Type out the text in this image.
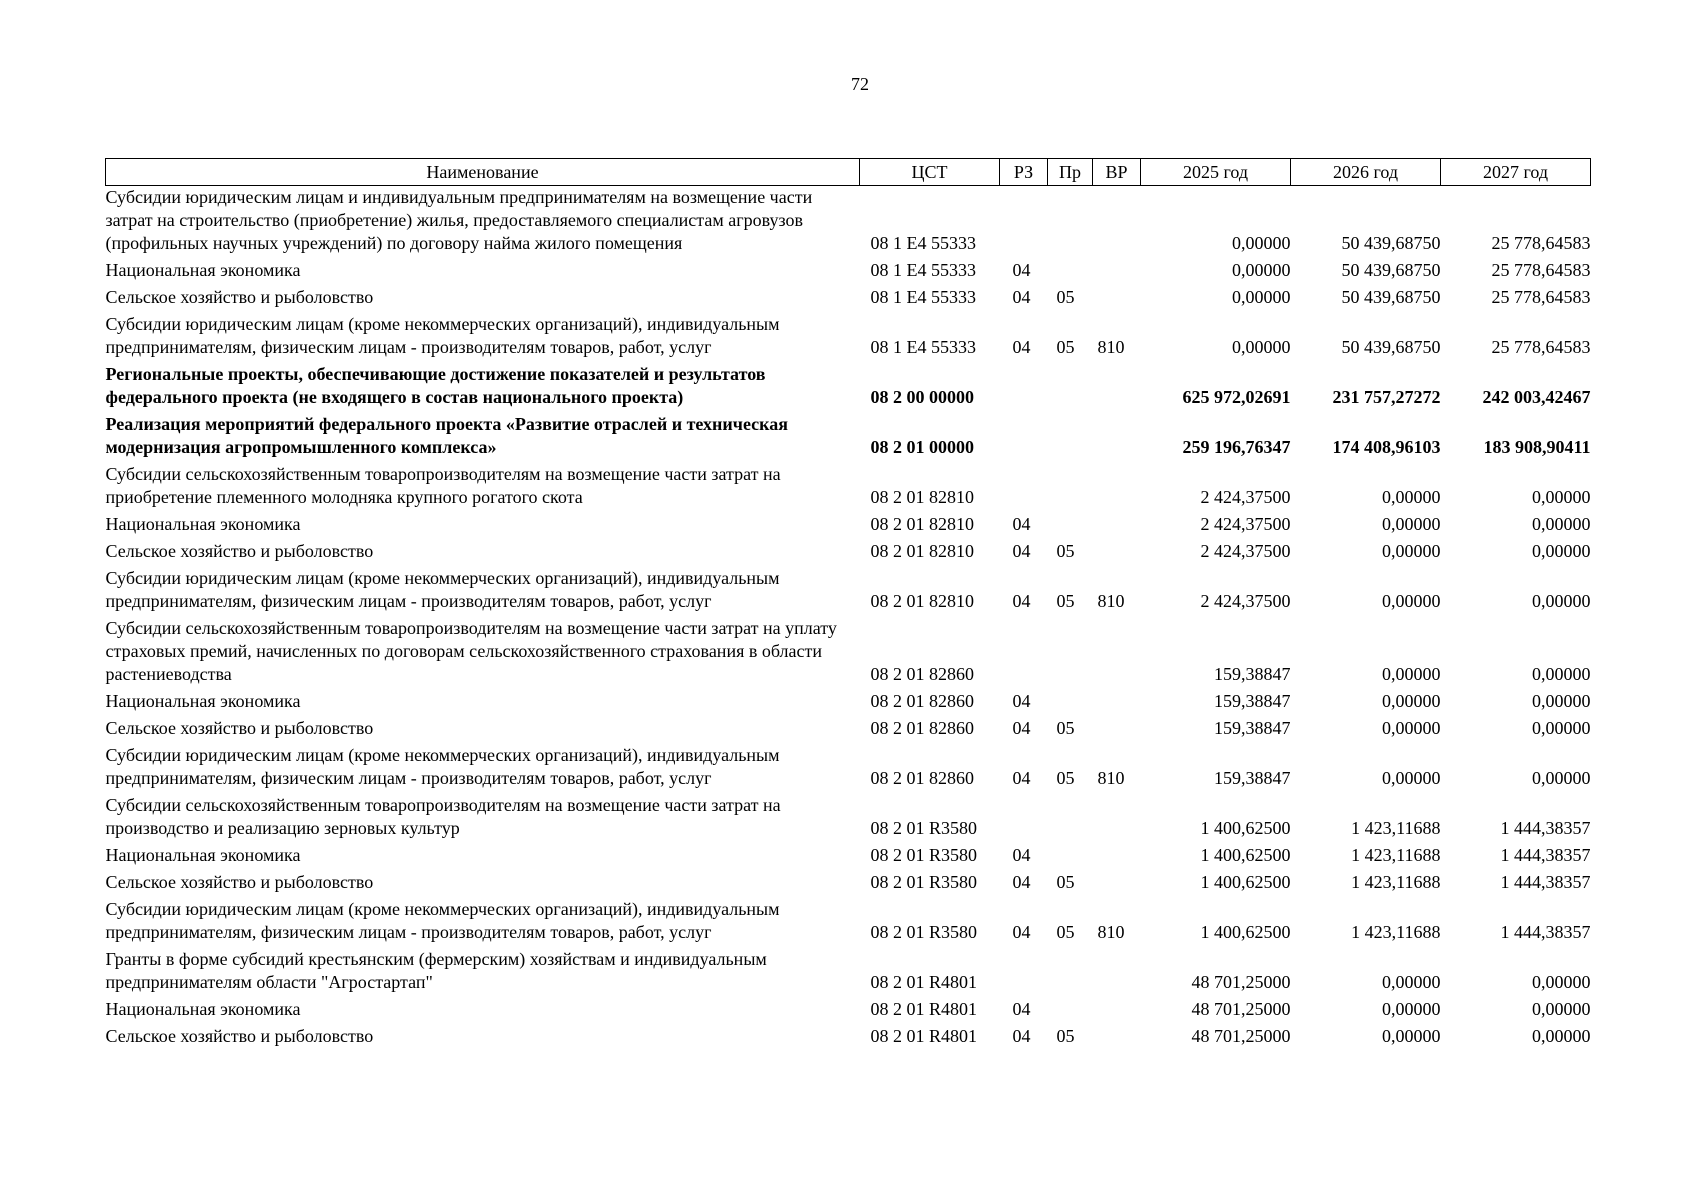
72
Наименование	ЦСТ	РЗ	Пр	ВР	2025 год	2026 год	2027 год
Субсидии юридическим лицам и индивидуальным предпринимателям на возмещение части затрат на строительство (приобретение) жилья, предоставляемого специалистам агровузов (профильных научных учреждений) по договору найма жилого помещения	08 1 Е4 55333				0,00000	50 439,68750	25 778,64583
Национальная экономика	08 1 Е4 55333	04			0,00000	50 439,68750	25 778,64583
Сельское хозяйство и рыболовство	08 1 Е4 55333	04	05		0,00000	50 439,68750	25 778,64583
Субсидии юридическим лицам (кроме некоммерческих организаций), индивидуальным предпринимателям, физическим лицам - производителям товаров, работ, услуг	08 1 Е4 55333	04	05	810	0,00000	50 439,68750	25 778,64583
Региональные проекты, обеспечивающие достижение показателей и результатов федерального проекта (не входящего в состав национального проекта)	08 2 00 00000				625 972,02691	231 757,27272	242 003,42467
Реализация мероприятий федерального проекта «Развитие отраслей и техническая модернизация агропромышленного комплекса»	08 2 01 00000				259 196,76347	174 408,96103	183 908,90411
Субсидии сельскохозяйственным товаропроизводителям на возмещение части затрат на приобретение племенного молодняка крупного рогатого скота	08 2 01 82810				2 424,37500	0,00000	0,00000
Национальная экономика	08 2 01 82810	04			2 424,37500	0,00000	0,00000
Сельское хозяйство и рыболовство	08 2 01 82810	04	05		2 424,37500	0,00000	0,00000
Субсидии юридическим лицам (кроме некоммерческих организаций), индивидуальным предпринимателям, физическим лицам - производителям товаров, работ, услуг	08 2 01 82810	04	05	810	2 424,37500	0,00000	0,00000
Субсидии сельскохозяйственным товаропроизводителям на возмещение части затрат на уплату страховых премий, начисленных по договорам сельскохозяйственного страхования в области растениеводства	08 2 01 82860				159,38847	0,00000	0,00000
Национальная экономика	08 2 01 82860	04			159,38847	0,00000	0,00000
Сельское хозяйство и рыболовство	08 2 01 82860	04	05		159,38847	0,00000	0,00000
Субсидии юридическим лицам (кроме некоммерческих организаций), индивидуальным предпринимателям, физическим лицам - производителям товаров, работ, услуг	08 2 01 82860	04	05	810	159,38847	0,00000	0,00000
Субсидии сельскохозяйственным товаропроизводителям на возмещение части затрат на производство и реализацию зерновых культур	08 2 01 R3580				1 400,62500	1 423,11688	1 444,38357
Национальная экономика	08 2 01 R3580	04			1 400,62500	1 423,11688	1 444,38357
Сельское хозяйство и рыболовство	08 2 01 R3580	04	05		1 400,62500	1 423,11688	1 444,38357
Субсидии юридическим лицам (кроме некоммерческих организаций), индивидуальным предпринимателям, физическим лицам - производителям товаров, работ, услуг	08 2 01 R3580	04	05	810	1 400,62500	1 423,11688	1 444,38357
Гранты в форме субсидий крестьянским (фермерским) хозяйствам и индивидуальным предпринимателям области "Агростартап"	08 2 01 R4801				48 701,25000	0,00000	0,00000
Национальная экономика	08 2 01 R4801	04			48 701,25000	0,00000	0,00000
Сельское хозяйство и рыболовство	08 2 01 R4801	04	05		48 701,25000	0,00000	0,00000
